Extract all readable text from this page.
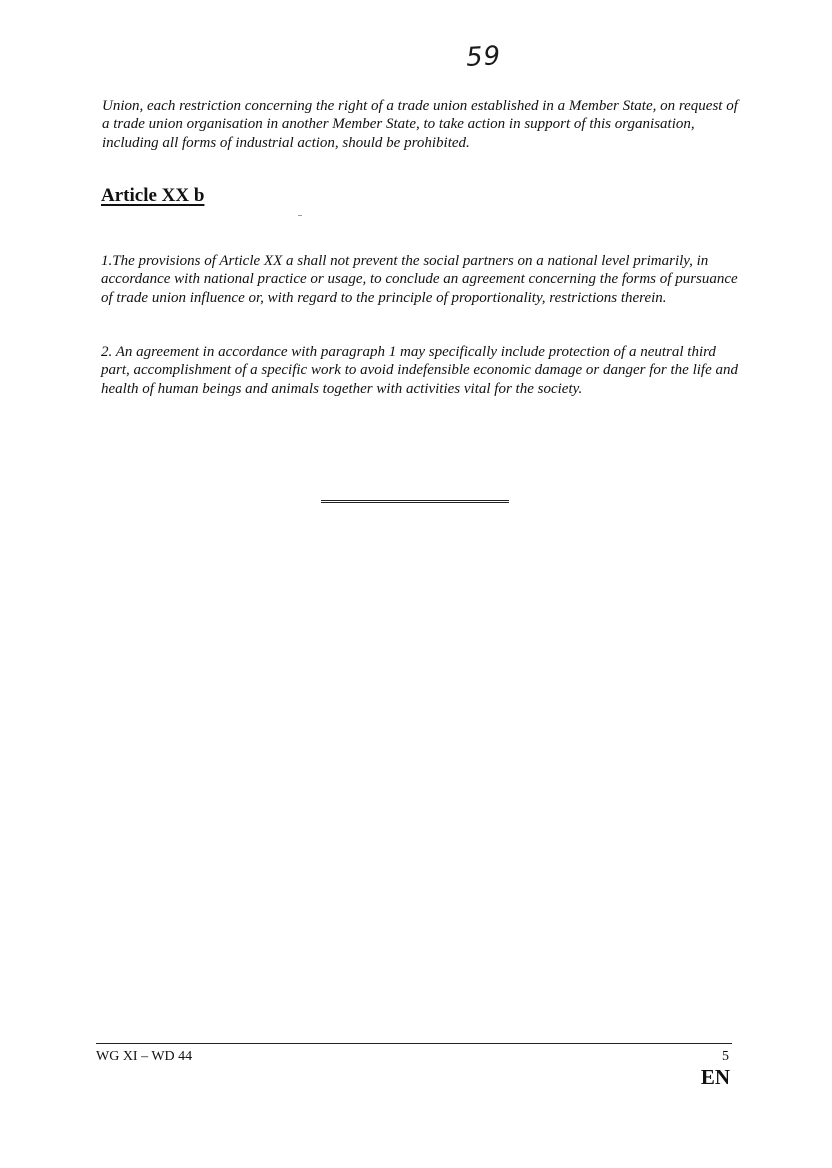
59

Union, each restriction concerning the right of a trade union established in a Member State, on request of a trade union organisation in another Member State, to take action in support of this organisation, including all forms of industrial action, should be prohibited.

Article XX b

1.The provisions of Article XX a shall not prevent the social partners on a national level primarily, in accordance with national practice or usage, to conclude an agreement concerning the forms of pursuance of trade union influence or, with regard to the principle of proportionality, restrictions therein.

2. An agreement in accordance with paragraph 1 may specifically include protection of a neutral third part, accomplishment of a specific work to avoid indefensible economic damage or danger for the life and health of human beings and animals together with activities vital for the society.

WG XI – WD 44	5

EN
